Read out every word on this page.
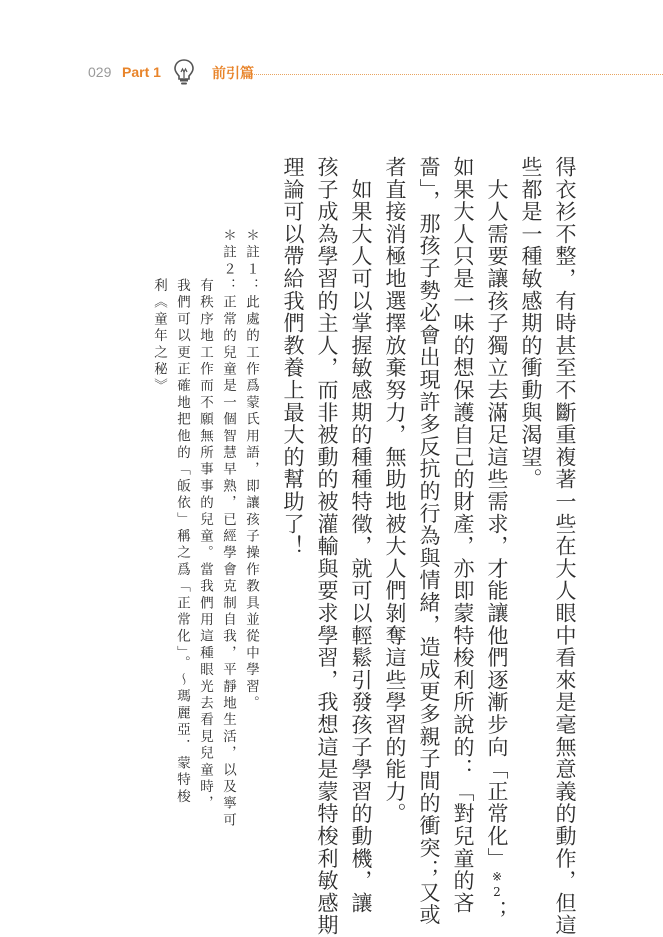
029 Part 1	前引篇
得衣衫不整，有時甚至不斷重複著一些在大人眼中看來是毫無意義的動作，但這
些都是一種敏感期的衝動與渴望。
　大人需要讓孩子獨立去滿足這些需求，才能讓他們逐漸步向「正常化」※2；
如果大人只是一味的想保護自己的財產，亦即蒙特梭利所說的：「對兒童的吝
嗇」，那孩子勢必會出現許多反抗的行為與情緒，造成更多親子間的衝突；又或
者直接消極地選擇放棄努力，無助地被大人們剝奪這些學習的能力。
　如果大人可以掌握敏感期的種種特徵，就可以輕鬆引發孩子學習的動機，讓
孩子成為學習的主人，而非被動的被灌輸與要求學習，我想這是蒙特梭利敏感期
理論可以帶給我們教養上最大的幫助了！
＊註１：此處的工作爲蒙氏用語，即讓孩子操作教具並從中學習。
＊註２：正常的兒童是一個智慧早熟，已經學會克制自我，平靜地生活，以及寧可
　　　有秩序地工作而不願無所事事的兒童。當我們用這種眼光去看見兒童時，
　　　我們可以更正確地把他的「皈依」稱之爲「正常化」。～瑪麗亞．蒙特梭
　　　利《童年之秘》
